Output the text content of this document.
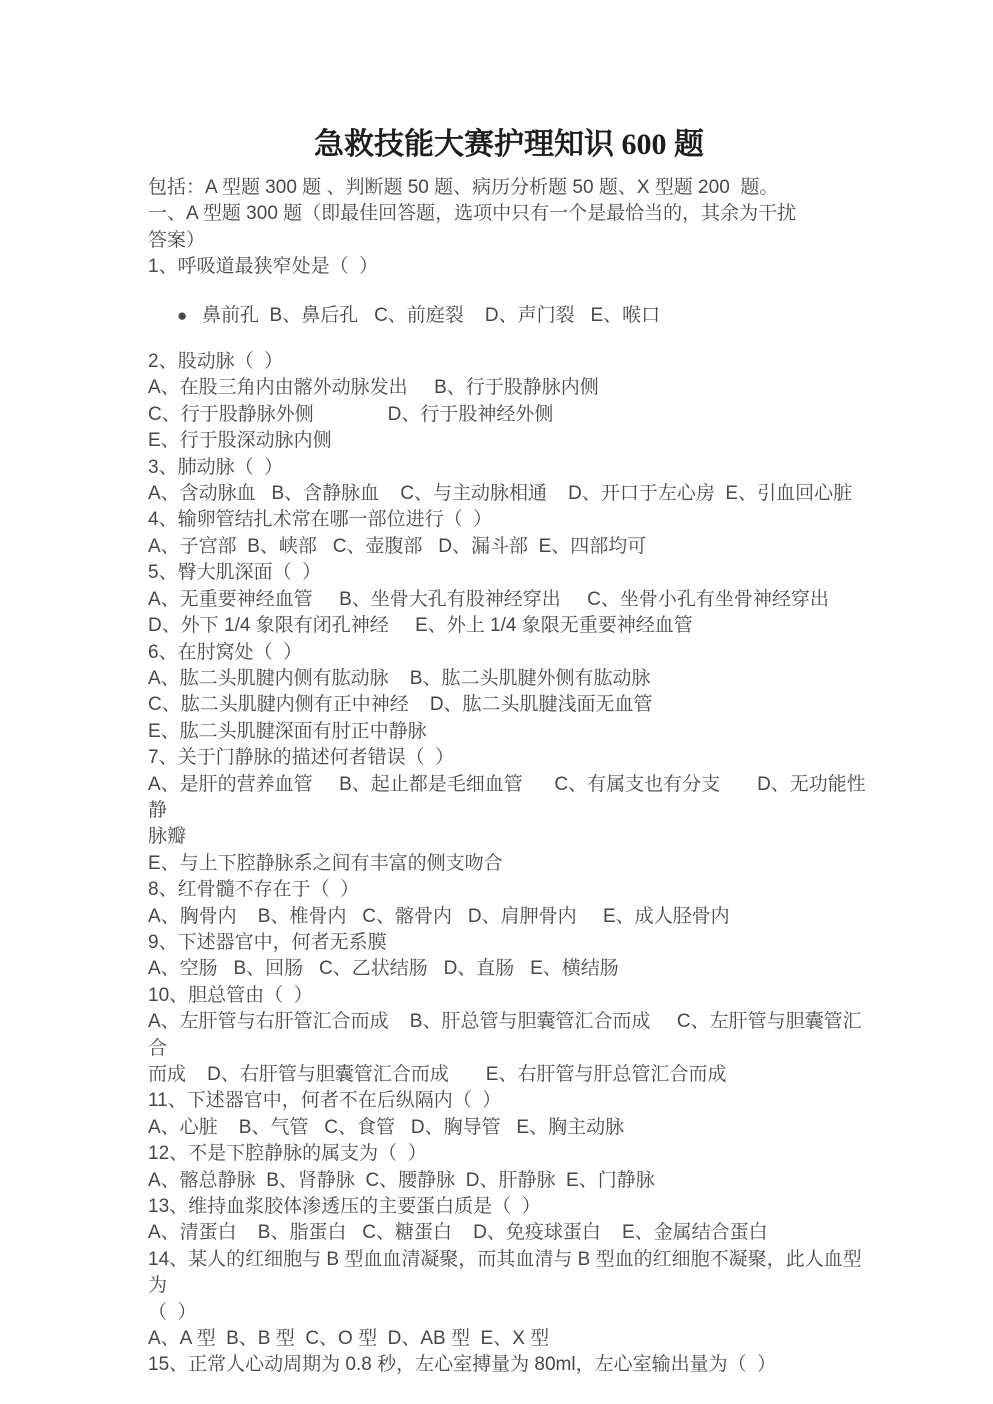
急救技能大赛护理知识 600 题
包括：A 型题 300 题 、判断题 50 题、病历分析题 50 题、X 型题 200  题。
一、A 型题 300 题（即最佳回答题，选项中只有一个是最恰当的，其余为干扰
答案）
1、呼吸道最狭窄处是（  ）
● 鼻前孔  B、鼻后孔   C、前庭裂    D、声门裂   E、喉口
2、股动脉（  ）
A、在股三角内由髂外动脉发出     B、行于股静脉内侧
C、行于股静脉外侧              D、行于股神经外侧
E、行于股深动脉内侧
3、肺动脉（  ）
A、含动脉血   B、含静脉血    C、与主动脉相通    D、开口于左心房  E、引血回心脏
4、输卵管结扎术常在哪一部位进行（  ）
A、子宫部  B、峡部   C、壶腹部   D、漏斗部  E、四部均可
5、臀大肌深面（  ）
A、无重要神经血管     B、坐骨大孔有股神经穿出     C、坐骨小孔有坐骨神经穿出
D、外下 1/4 象限有闭孔神经     E、外上 1/4 象限无重要神经血管
6、在肘窝处（  ）
A、肱二头肌腱内侧有肱动脉    B、肱二头肌腱外侧有肱动脉
C、肱二头肌腱内侧有正中神经    D、肱二头肌腱浅面无血管
E、肱二头肌腱深面有肘正中静脉
7、关于门静脉的描述何者错误（  ）
A、是肝的营养血管     B、起止都是毛细血管      C、有属支也有分支       D、无功能性静
脉瓣
E、与上下腔静脉系之间有丰富的侧支吻合
8、红骨髓不存在于（  ）
A、胸骨内    B、椎骨内   C、髂骨内   D、肩胛骨内     E、成人胫骨内
9、下述器官中，何者无系膜
A、空肠   B、回肠   C、乙状结肠   D、直肠   E、横结肠
10、胆总管由（  ）
A、左肝管与右肝管汇合而成    B、肝总管与胆囊管汇合而成     C、左肝管与胆囊管汇合
而成    D、右肝管与胆囊管汇合而成       E、右肝管与肝总管汇合而成
11、下述器官中，何者不在后纵隔内（  ）
A、心脏    B、气管   C、食管   D、胸导管   E、胸主动脉
12、不是下腔静脉的属支为（  ）
A、髂总静脉  B、肾静脉  C、腰静脉  D、肝静脉  E、门静脉
13、维持血浆胶体渗透压的主要蛋白质是（  ）
A、清蛋白    B、脂蛋白   C、糖蛋白    D、免疫球蛋白    E、金属结合蛋白
14、某人的红细胞与 B 型血血清凝聚，而其血清与 B 型血的红细胞不凝聚，此人血型为
（  ）
A、A 型  B、B 型  C、O 型  D、AB 型  E、X 型
15、正常人心动周期为 0.8 秒，左心室搏量为 80ml，左心室输出量为（  ）
